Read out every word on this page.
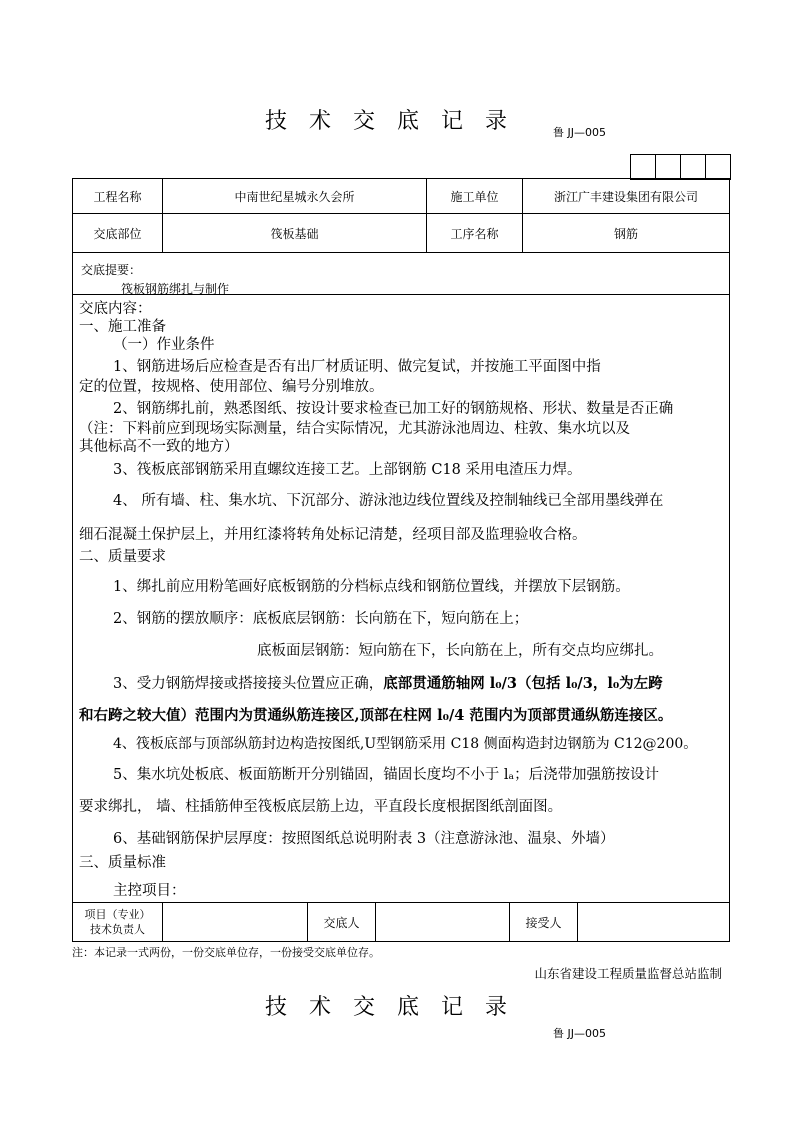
技术交底记录	鲁 JJ—005
工程名称	中南世纪星城永久会所	施工单位	浙江广丰建设集团有限公司
交底部位	筏板基础	工序名称	钢筋
交底提要：
筏板钢筋绑扎与制作

交底内容：

一、施工准备

（一）作业条件

1、钢筋进场后应检查是否有出厂材质证明、做完复试，并按施工平面图中指

定的位置，按规格、使用部位、编号分别堆放。

2、钢筋绑扎前，熟悉图纸、按设计要求检查已加工好的钢筋规格、形状、数量是否正确

（注：下料前应到现场实际测量，结合实际情况，尤其游泳池周边、柱敦、集水坑以及

其他标高不一致的地方）

3、筏板底部钢筋采用直螺纹连接工艺。上部钢筋 C18 采用电渣压力焊。

4、 所有墙、柱、集水坑、下沉部分、游泳池边线位置线及控制轴线已全部用墨线弹在

细石混凝土保护层上，并用红漆将转角处标记清楚，经项目部及监理验收合格。

二、质量要求

1、绑扎前应用粉笔画好底板钢筋的分档标点线和钢筋位置线，并摆放下层钢筋。

2、钢筋的摆放顺序：底板底层钢筋：长向筋在下，短向筋在上；

底板面层钢筋：短向筋在下，长向筋在上，所有交点均应绑扎。

3、受力钢筋焊接或搭接接头位置应正确，底部贯通筋轴网 l₀/3（包括 l₀/3，l₀为左跨

和右跨之较大值）范围内为贯通纵筋连接区,顶部在柱网 l₀/4 范围内为顶部贯通纵筋连接区。

4、筏板底部与顶部纵筋封边构造按图纸,U型钢筋采用 C18 侧面构造封边钢筋为 C12@200。

5、集水坑处板底、板面筋断开分别锚固，锚固长度均不小于 lₐ；后浇带加强筋按设计

要求绑扎， 墙、柱插筋伸至筏板底层筋上边，平直段长度根据图纸剖面图。

6、基础钢筋保护层厚度：按照图纸总说明附表 3（注意游泳池、温泉、外墙）

三、质量标准

主控项目：

项目（专业）
技术负责人	交底人	接受人
注：本记录一式两份，一份交底单位存，一份接受交底单位存。
山东省建设工程质量监督总站监制
技术交底记录
鲁 JJ—005
